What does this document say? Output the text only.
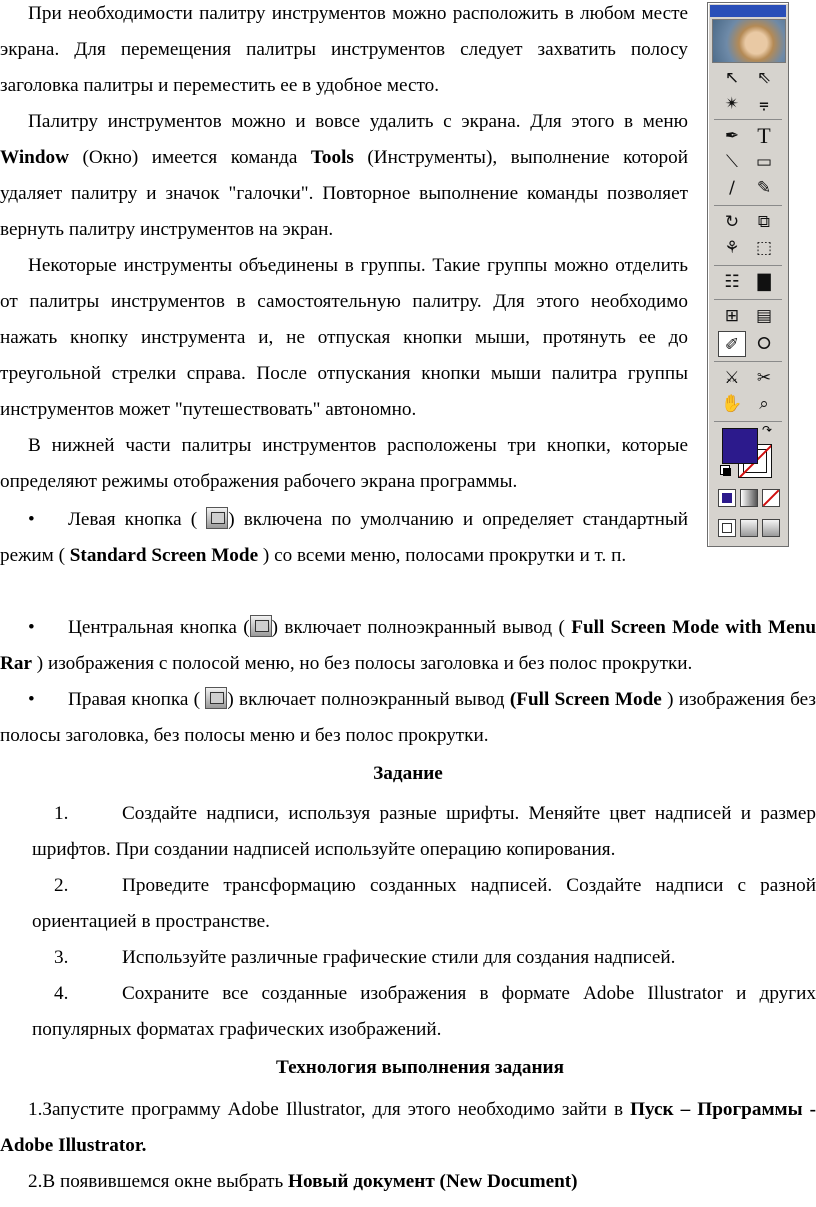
При необходимости палитру инструментов можно расположить в любом месте экрана. Для перемещения палитры инструментов следует захватить полосу заголовка палитры и переместить ее в удобное место.

Палитру инструментов можно и вовсе удалить с экрана. Для этого в меню Window (Окно) имеется команда Tools (Инструменты), выполнение которой удаляет палитру и значок "галочки". Повторное выполнение команды позволяет вернуть палитру инструментов на экран.

Некоторые инструменты объединены в группы. Такие группы можно отделить от палитры инструментов в самостоятельную палитру. Для этого необходимо нажать кнопку инструмента и, не отпуская кнопки мыши, протянуть ее до треугольной стрелки справа. После отпускания кнопки мыши палитра группы инструментов может "путешествовать" автономно.

В нижней части палитры инструментов расположены три кнопки, которые определяют режимы отображения рабочего экрана программы.

•	Левая кнопка ( ) включена по умолчанию и определяет стандартный режим ( Standard Screen Mode ) со всеми меню, полосами прокрутки и т. п.

•	Центральная кнопка ( ) включает полноэкранный вывод ( Full Screen Mode with Menu Rar ) изображения с полосой меню, но без полосы заголовка и без полос прокрутки.

•	Правая кнопка ( ) включает полноэкранный вывод (Full Screen Mode ) изображения без полосы заголовка, без полосы меню и без полос прокрутки.

Задание
1.	Создайте надписи, используя разные шрифты. Меняйте цвет надписей и размер шрифтов. При создании надписей используйте операцию копирования.
2.	Проведите трансформацию созданных надписей. Создайте надписи с разной ориентацией в пространстве.
3.	Используйте различные графические стили для создания надписей.
4.	Сохраните все созданные изображения в формате Adobe Illustrator и других популярных форматах графических изображений.
Технология выполнения задания

1.Запустите программу Adobe Illustrator, для этого необходимо зайти в Пуск – Программы - Adobe Illustrator.

2.В появившемся окне выбрать Новый документ (New Document)

↖	⇖
✴	⩦
✒ T
⟍	▭
∕	✎
↻	⧉
⚘ ⬚
☷	▇
⊞ ▤
✐	⭘
⚔	✂
✋ ⌕
↷
